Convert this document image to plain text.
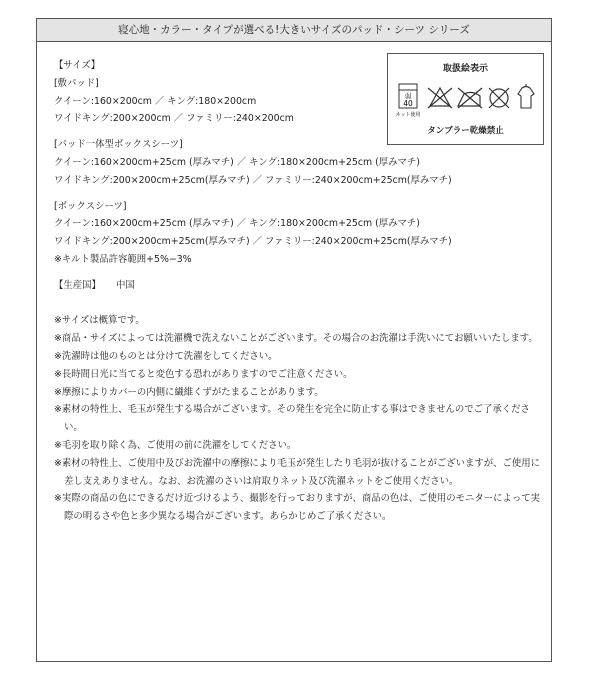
寝心地・カラー・タイプが選べる!大きいサイズのパッド・シーツ シリーズ
取扱絵表示
弱
40
ネット使用
タンブラー乾燥禁止
【サイズ】
[敷パッド]
クイーン:160×200cm ／ キング:180×200cm
ワイドキング:200×200cm ／ ファミリー:240×200cm
[パッド一体型ボックスシーツ]
クイーン:160×200cm+25cm (厚みマチ) ／ キング:180×200cm+25cm (厚みマチ)
ワイドキング:200×200cm+25cm(厚みマチ) ／ ファミリー:240×200cm+25cm(厚みマチ)
[ボックスシーツ]
クイーン:160×200cm+25cm (厚みマチ) ／ キング:180×200cm+25cm (厚みマチ)
ワイドキング:200×200cm+25cm(厚みマチ) ／ ファミリー:240×200cm+25cm(厚みマチ)
※キルト製品許容範囲+5%−3%
【生産国】 中国
※サイズは概算です。
※商品・サイズによっては洗濯機で洗えないことがございます。その場合のお洗濯は手洗いにてお願いいたします。
※洗濯時は他のものとは分けて洗濯をしてください。
※長時間日光に当てると変色する恐れがありますのでご注意ください。
※摩擦によりカバーの内側に繊維くずがたまることがあります。
※素材の特性上、毛玉が発生する場合がございます。その発生を完全に防止する事はできませんのでご了承ください。
※毛羽を取り除く為、ご使用の前に洗濯をしてください。
※素材の特性上、ご使用中及びお洗濯中の摩擦により毛玉が発生したり毛羽が抜けることがございますが、ご使用に差し支えありません。なお、お洗濯のさいは肩取りネット及び洗濯ネットをご使用ください。
※実際の商品の色にできるだけ近づけるよう、撮影を行っておりますが、商品の色は、ご使用のモニターによって実際の明るさや色と多少異なる場合がございます。あらかじめご了承ください。
